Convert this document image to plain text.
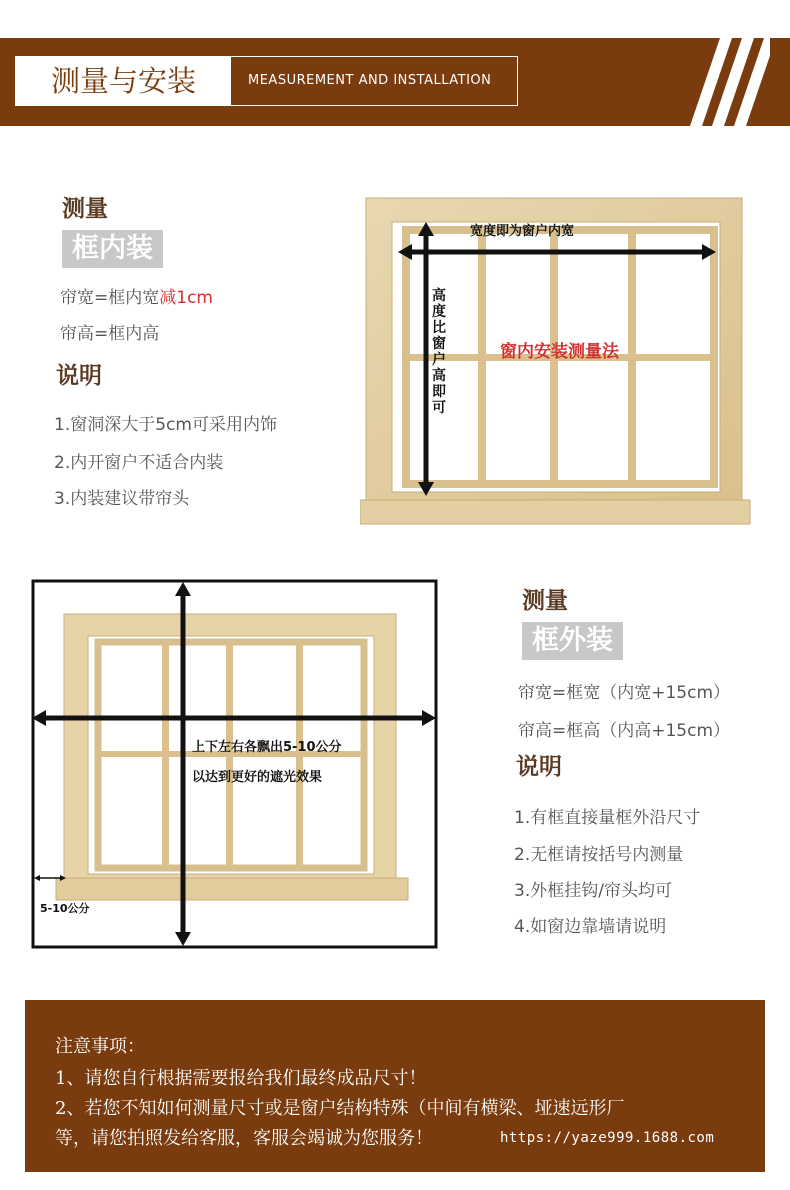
测量与安装	MEASUREMENT AND INSTALLATION
测量
框内装
帘宽=框内宽减1cm
帘高=框内高
说明
1.窗洞深大于5cm可采用内饰
2.内开窗户不适合内装
3.内装建议带帘头
宽度即为窗户内宽
高度比窗户高即可
窗内安装测量法
上下左右各飘出5-10公分
以达到更好的遮光效果
5-10公分
测量
框外装
帘宽=框宽（内宽+15cm）
帘高=框高（内高+15cm）
说明
1.有框直接量框外沿尺寸
2.无框请按括号内测量
3.外框挂钩/帘头均可
4.如窗边靠墙请说明
注意事项：
1、请您自行根据需要报给我们最终成品尺寸！
2、若您不知如何测量尺寸或是窗户结构特殊（中间有横梁、垭速远形厂
等，请您拍照发给客服，客服会竭诚为您服务！	https://yaze999.1688.com
